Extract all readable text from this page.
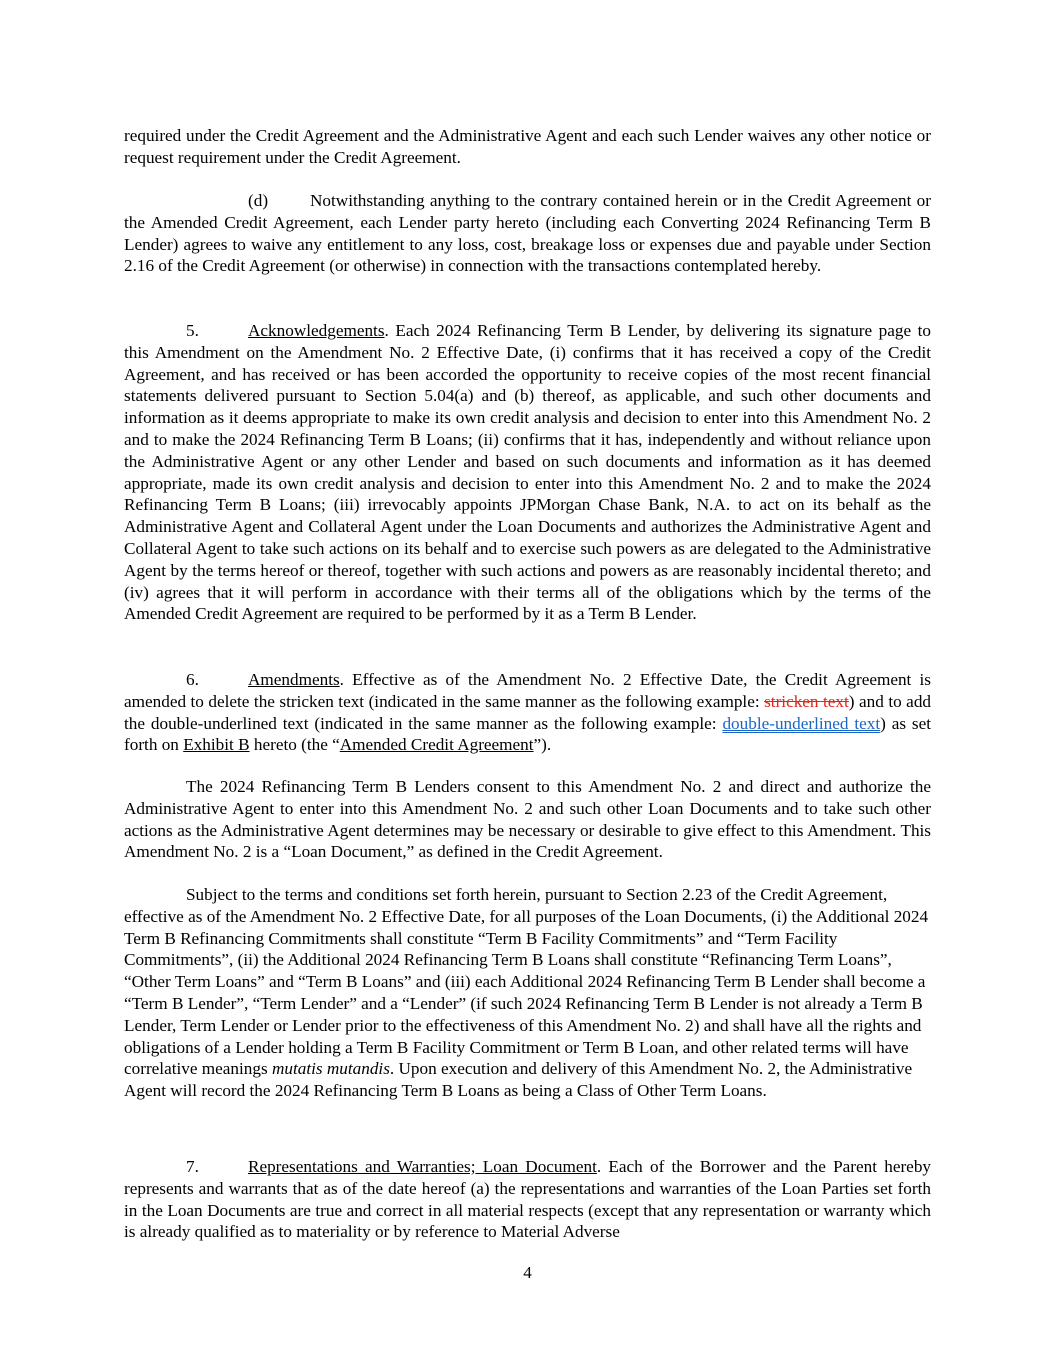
required under the Credit Agreement and the Administrative Agent and each such Lender waives any other notice or request requirement under the Credit Agreement.

(d) Notwithstanding anything to the contrary contained herein or in the Credit Agreement or the Amended Credit Agreement, each Lender party hereto (including each Converting 2024 Refinancing Term B Lender) agrees to waive any entitlement to any loss, cost, breakage loss or expenses due and payable under Section 2.16 of the Credit Agreement (or otherwise) in connection with the transactions contemplated hereby.

5.	Acknowledgements. Each 2024 Refinancing Term B Lender, by delivering its signature page to this Amendment on the Amendment No. 2 Effective Date, (i) confirms that it has received a copy of the Credit Agreement, and has received or has been accorded the opportunity to receive copies of the most recent financial statements delivered pursuant to Section 5.04(a) and (b) thereof, as applicable, and such other documents and information as it deems appropriate to make its own credit analysis and decision to enter into this Amendment No. 2 and to make the 2024 Refinancing Term B Loans; (ii) confirms that it has, independently and without reliance upon the Administrative Agent or any other Lender and based on such documents and information as it has deemed appropriate, made its own credit analysis and decision to enter into this Amendment No. 2 and to make the 2024 Refinancing Term B Loans; (iii) irrevocably appoints JPMorgan Chase Bank, N.A. to act on its behalf as the Administrative Agent and Collateral Agent under the Loan Documents and authorizes the Administrative Agent and Collateral Agent to take such actions on its behalf and to exercise such powers as are delegated to the Administrative Agent by the terms hereof or thereof, together with such actions and powers as are reasonably incidental thereto; and (iv) agrees that it will perform in accordance with their terms all of the obligations which by the terms of the Amended Credit Agreement are required to be performed by it as a Term B Lender.

6.	Amendments. Effective as of the Amendment No. 2 Effective Date, the Credit Agreement is amended to delete the stricken text (indicated in the same manner as the following example: stricken text) and to add the double-underlined text (indicated in the same manner as the following example: double-underlined text) as set forth on Exhibit B hereto (the “Amended Credit Agreement”).

The 2024 Refinancing Term B Lenders consent to this Amendment No. 2 and direct and authorize the Administrative Agent to enter into this Amendment No. 2 and such other Loan Documents and to take such other actions as the Administrative Agent determines may be necessary or desirable to give effect to this Amendment. This Amendment No. 2 is a “Loan Document,” as defined in the Credit Agreement.

Subject to the terms and conditions set forth herein, pursuant to Section 2.23 of the Credit Agreement, effective as of the Amendment No. 2 Effective Date, for all purposes of the Loan Documents, (i) the Additional 2024 Term B Refinancing Commitments shall constitute “Term B Facility Commitments” and “Term Facility Commitments”, (ii) the Additional 2024 Refinancing Term B Loans shall constitute “Refinancing Term Loans”, “Other Term Loans” and “Term B Loans” and (iii) each Additional 2024 Refinancing Term B Lender shall become a “Term B Lender”, “Term Lender” and a “Lender” (if such 2024 Refinancing Term B Lender is not already a Term B Lender, Term Lender or Lender prior to the effectiveness of this Amendment No. 2) and shall have all the rights and obligations of a Lender holding a Term B Facility Commitment or Term B Loan, and other related terms will have correlative meanings mutatis mutandis. Upon execution and delivery of this Amendment No. 2, the Administrative Agent will record the 2024 Refinancing Term B Loans as being a Class of Other Term Loans.

7.	Representations and Warranties; Loan Document. Each of the Borrower and the Parent hereby represents and warrants that as of the date hereof (a) the representations and warranties of the Loan Parties set forth in the Loan Documents are true and correct in all material respects (except that any representation or warranty which is already qualified as to materiality or by reference to Material Adverse

4
